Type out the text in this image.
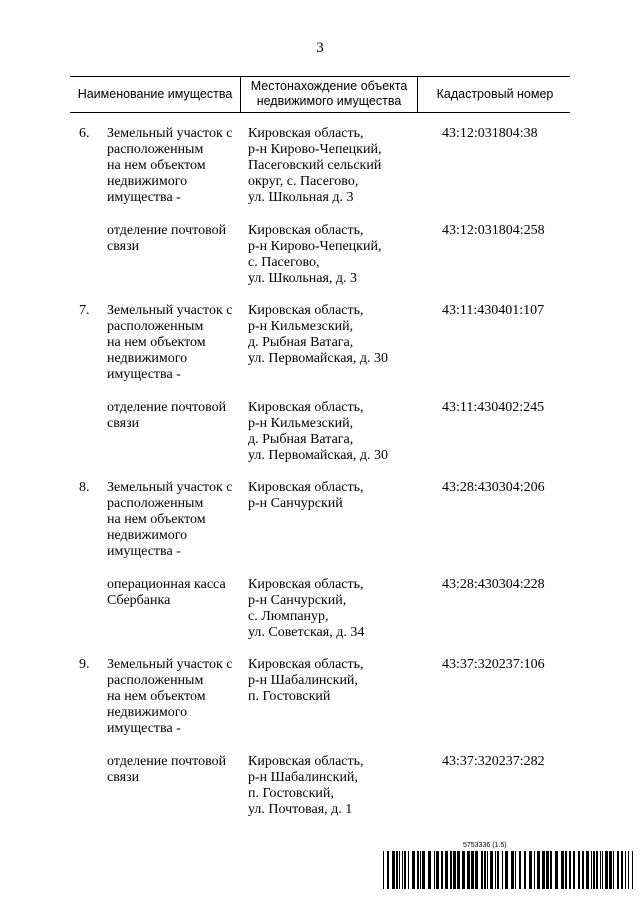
3
Наименование имущества
Местонахождение объекта недвижимого имущества	Кадастровый номер
6. Земельный участок с
расположенным
на нем объектом
недвижимого
имущества -
Кировская область,
р-н Кирово-Чепецкий,
Пасеговский сельский
округ, с. Пасегово,
ул. Школьная д. 3
43:12:031804:38
отделение почтовой
связи
Кировская область,
р-н Кирово-Чепецкий,
с. Пасегово,
ул. Школьная, д. 3
43:12:031804:258
7. Земельный участок с
расположенным
на нем объектом
недвижимого
имущества -
Кировская область,
р-н Кильмезский,
д. Рыбная Ватага,
ул. Первомайская, д. 30
43:11:430401:107
отделение почтовой
связи
Кировская область,
р-н Кильмезский,
д. Рыбная Ватага,
ул. Первомайская, д. 30
43:11:430402:245
8. Земельный участок с
расположенным
на нем объектом
недвижимого
имущества -
Кировская область,
р-н Санчурский
43:28:430304:206
операционная касса
Сбербанка
Кировская область,
р-н Санчурский,
с. Люмпанур,
ул. Советская, д. 34
43:28:430304:228
9. Земельный участок с
расположенным
на нем объектом
недвижимого
имущества -
Кировская область,
р-н Шабалинский,
п. Гостовский
43:37:320237:106
отделение почтовой
связи
Кировская область,
р-н Шабалинский,
п. Гостовский,
ул. Почтовая, д. 1
43:37:320237:282
5753336 (1.5)
